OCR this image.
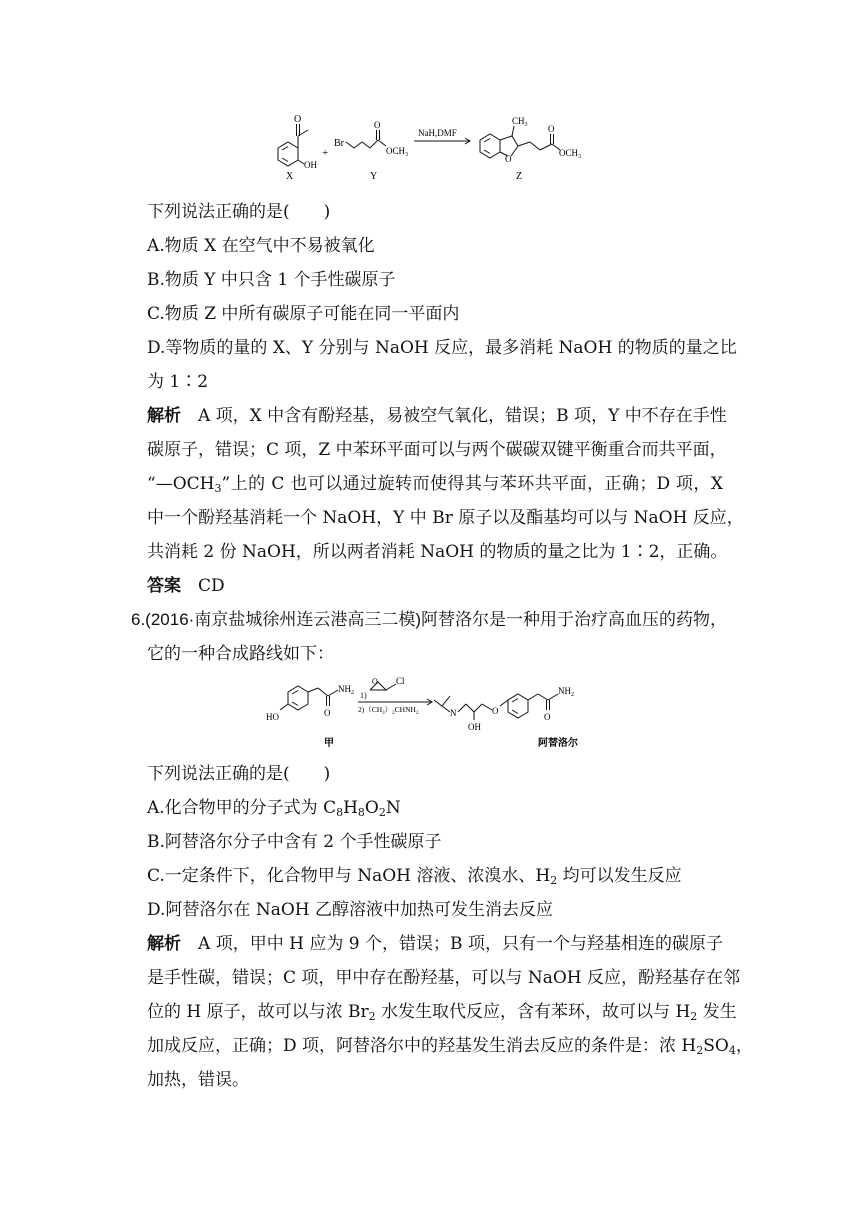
O
OH
X
+
Br
O
$OCH_3$
Y
NaH,DMF
$CH_3$
O
O
$OCH_3$
Z
下列说法正确的是(　　)
A.物质 X 在空气中不易被氧化
B.物质 Y 中只含 1 个手性碳原子
C.物质 Z 中所有碳原子可能在同一平面内
D.等物质的量的 X、Y 分别与 NaOH 反应，最多消耗 NaOH 的物质的量之比
为 1∶2
解析　 A 项，X 中含有酚羟基，易被空气氧化，错误；B 项，Y 中不存在手性
碳原子，错误；C 项，Z 中苯环平面可以与两个碳碳双键平衡重合而共平面，
“$—OCH_3$”上的 C 也可以通过旋转而使得其与苯环共平面，正确；D 项，X
中一个酚羟基消耗一个 NaOH，Y 中 Br 原子以及酯基均可以与 NaOH 反应，
共消耗 2 份 NaOH，所以两者消耗 NaOH 的物质的量之比为 1∶2，正确。
答案　 CD
6.(2016·南京盐城徐州连云港高三二模)阿替洛尔是一种用于治疗高血压的药物，
它的一种合成路线如下：
HO	O
$NH_2$
甲
O Cl
1)
$2)(CH_3)_2CHNH_2$	N
OH
O
O
$NH_2$
阿替洛尔
下列说法正确的是(　　)
A.化合物甲的分子式为 $C_8H_8O_2N$
B.阿替洛尔分子中含有 2 个手性碳原子
C.一定条件下，化合物甲与 NaOH 溶液、浓溴水、$H_2$ 均可以发生反应
D.阿替洛尔在 NaOH 乙醇溶液中加热可发生消去反应
解析　 A 项，甲中 H 应为 9 个，错误；B 项，只有一个与羟基相连的碳原子
是手性碳，错误；C 项，甲中存在酚羟基，可以与 NaOH 反应，酚羟基存在邻
位的 H 原子，故可以与浓 $Br_2$ 水发生取代反应，含有苯环，故可以与 $H_2$ 发生
加成反应，正确；D 项，阿替洛尔中的羟基发生消去反应的条件是：浓 $H_2SO_4$，
加热，错误。
